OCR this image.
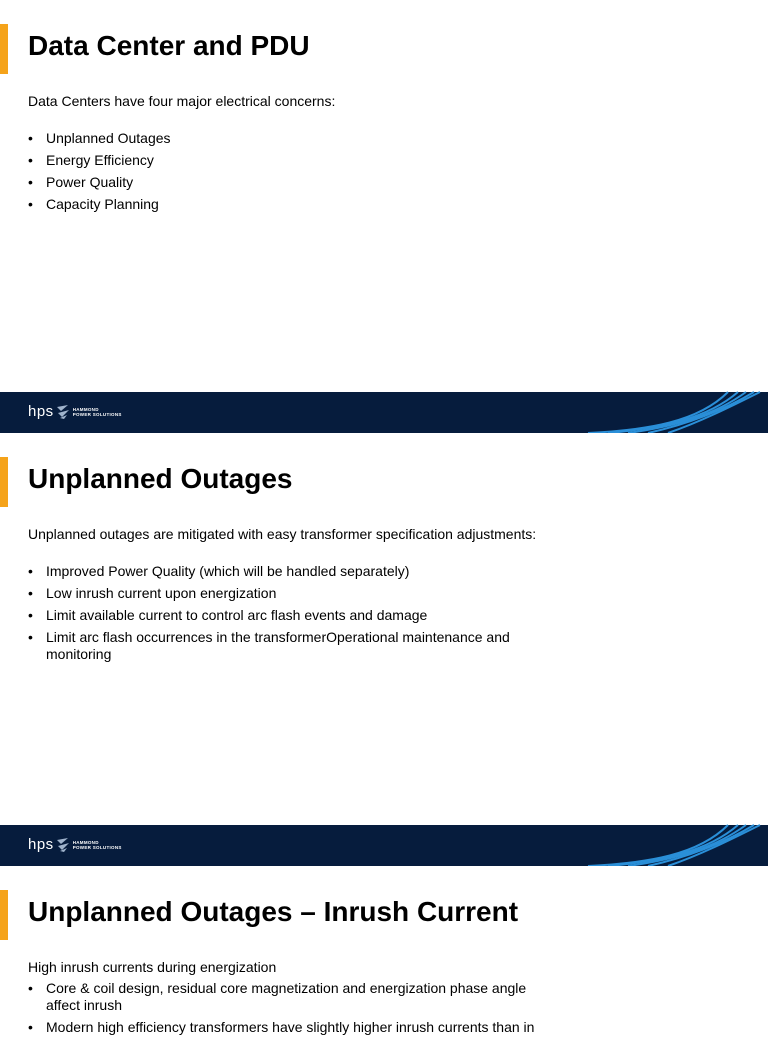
Data Center and PDU

Data Centers have four major electrical concerns:

• Unplanned Outages
• Energy Efficiency
• Power Quality
• Capacity Planning
hps	HAMMOND
POWER SOLUTIONS
Unplanned Outages

Unplanned outages are mitigated with easy transformer specification adjustments:

• Improved Power Quality (which will be handled separately)
• Low inrush current upon energization
• Limit available current to control arc flash events and damage
• Limit arc flash occurrences in the transformerOperational maintenance and monitoring
hps	HAMMOND
POWER SOLUTIONS
Unplanned Outages – Inrush Current

High inrush currents during energization

• Core & coil design, residual core magnetization and energization phase angle affect inrush
• Modern high efficiency transformers have slightly higher inrush currents than in
